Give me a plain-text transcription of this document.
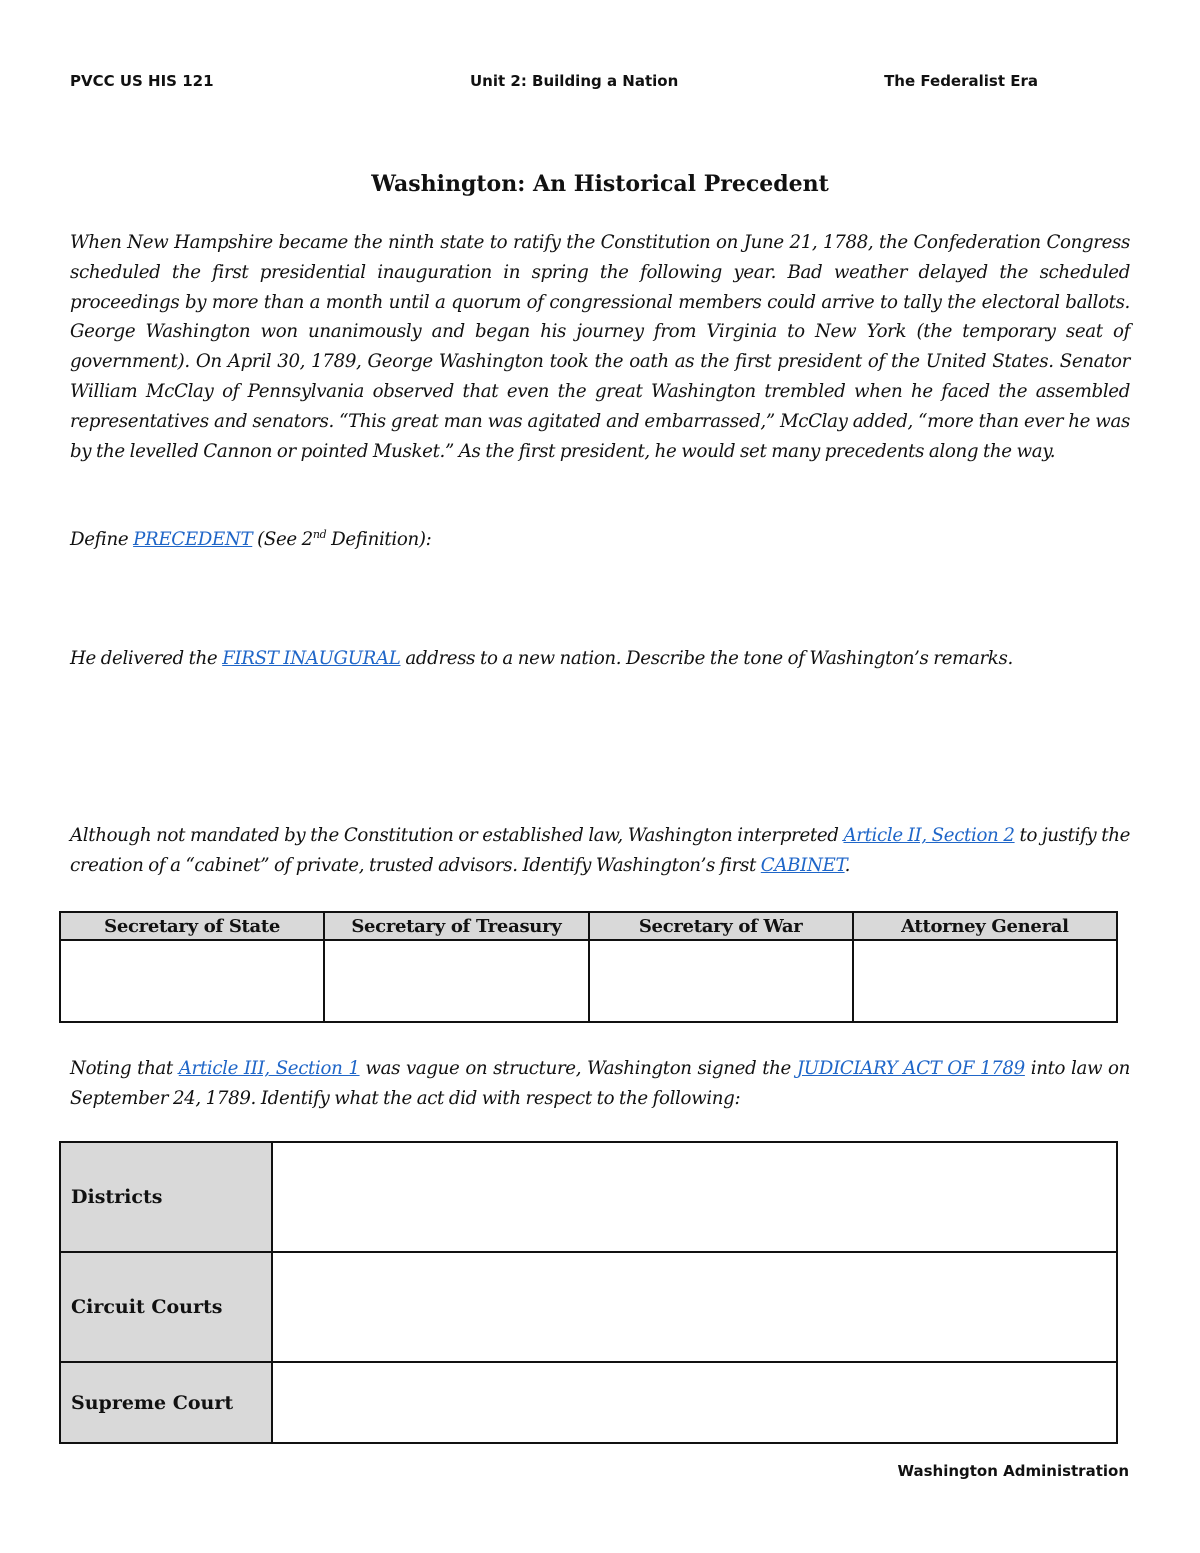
PVCC US HIS 121	Unit 2: Building a Nation	The Federalist Era
Washington: An Historical Precedent
When New Hampshire became the ninth state to ratify the Constitution on June 21, 1788, the Confederation Congress scheduled the first presidential inauguration in spring the following year. Bad weather delayed the scheduled proceedings by more than a month until a quorum of congressional members could arrive to tally the electoral ballots. George Washington won unanimously and began his journey from Virginia to New York (the temporary seat of government). On April 30, 1789, George Washington took the oath as the first president of the United States. Senator William McClay of Pennsylvania observed that even the great Washington trembled when he faced the assembled representatives and senators. “This great man was agitated and embarrassed,” McClay added, “more than ever he was by the levelled Cannon or pointed Musket.” As the first president, he would set many precedents along the way.
Define PRECEDENT (See 2nd Definition):
He delivered the FIRST INAUGURAL address to a new nation. Describe the tone of Washington’s remarks.
Although not mandated by the Constitution or established law, Washington interpreted Article II, Section 2 to justify the creation of a “cabinet” of private, trusted advisors. Identify Washington’s first CABINET.
Secretary of State	Secretary of Treasury	Secretary of War	Attorney General

Noting that Article III, Section 1 was vague on structure, Washington signed the JUDICIARY ACT OF 1789 into law on September 24, 1789. Identify what the act did with respect to the following:
Districts	
Circuit Courts	
Supreme Court	
Washington Administration
